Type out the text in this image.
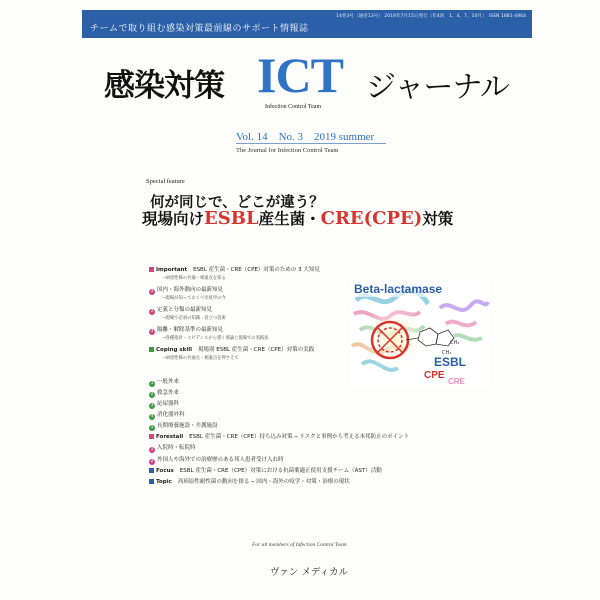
チームで取り組む感染対策最前線のサポート情報誌
14巻3号（通巻13号） 2019年7月15日発行（年4回　1、4、7、10月）　ISSN 1881-4964
感染対策 ICT ジャーナル
Infection Control Team
Vol. 14　No. 3　2019 summer
The Journal for Infection Control Team
Special feature
何が同じで、どこが違う？
現場向けESBL産生菌・CRE(CPE)対策
Important ESBL 産生菌・CRE（CPE）対策のための 3 大知見
─病原性株の共通・相違点を知る
1 国内・海外動向の最新知見
─現場が知っておくべき疫学の今
2 定義と分類の最新知見
─現場で必須の知識・役立つ技術
3 隔離・解除基準の最新知見
─各種指針・エビデンスから導く理論と現場での実践法
Coping skill 現場別 ESBL 産生菌・CRE（CPE）対策の実践
─病原性株の共通点・相違点を押さえて
1 一般外来
2 救急外来
3 泌尿器科
4 消化器外科
5 長期療養施設・介護施設
Forestall ESBL 産生菌・CRE（CPE）持ち込み対策 ─ リスクと事例から考える本邦防止のポイント
1 入院時・転院時
2 外国人や海外での治療歴のある邦人患者受け入れ時
Focus ESBL 産生菌・CRE（CPE）対策における抗菌薬適正使用支援チーム（AST）活動
Topic 高病原性耐性菌の動向を探る ─ 国内・海外の疫学・対策・治療の現状
Beta-lactamase
CH₃
CH₃
ESBL
CPE
CRE
For all members of Infection Control Team
ヴァン メディカル
